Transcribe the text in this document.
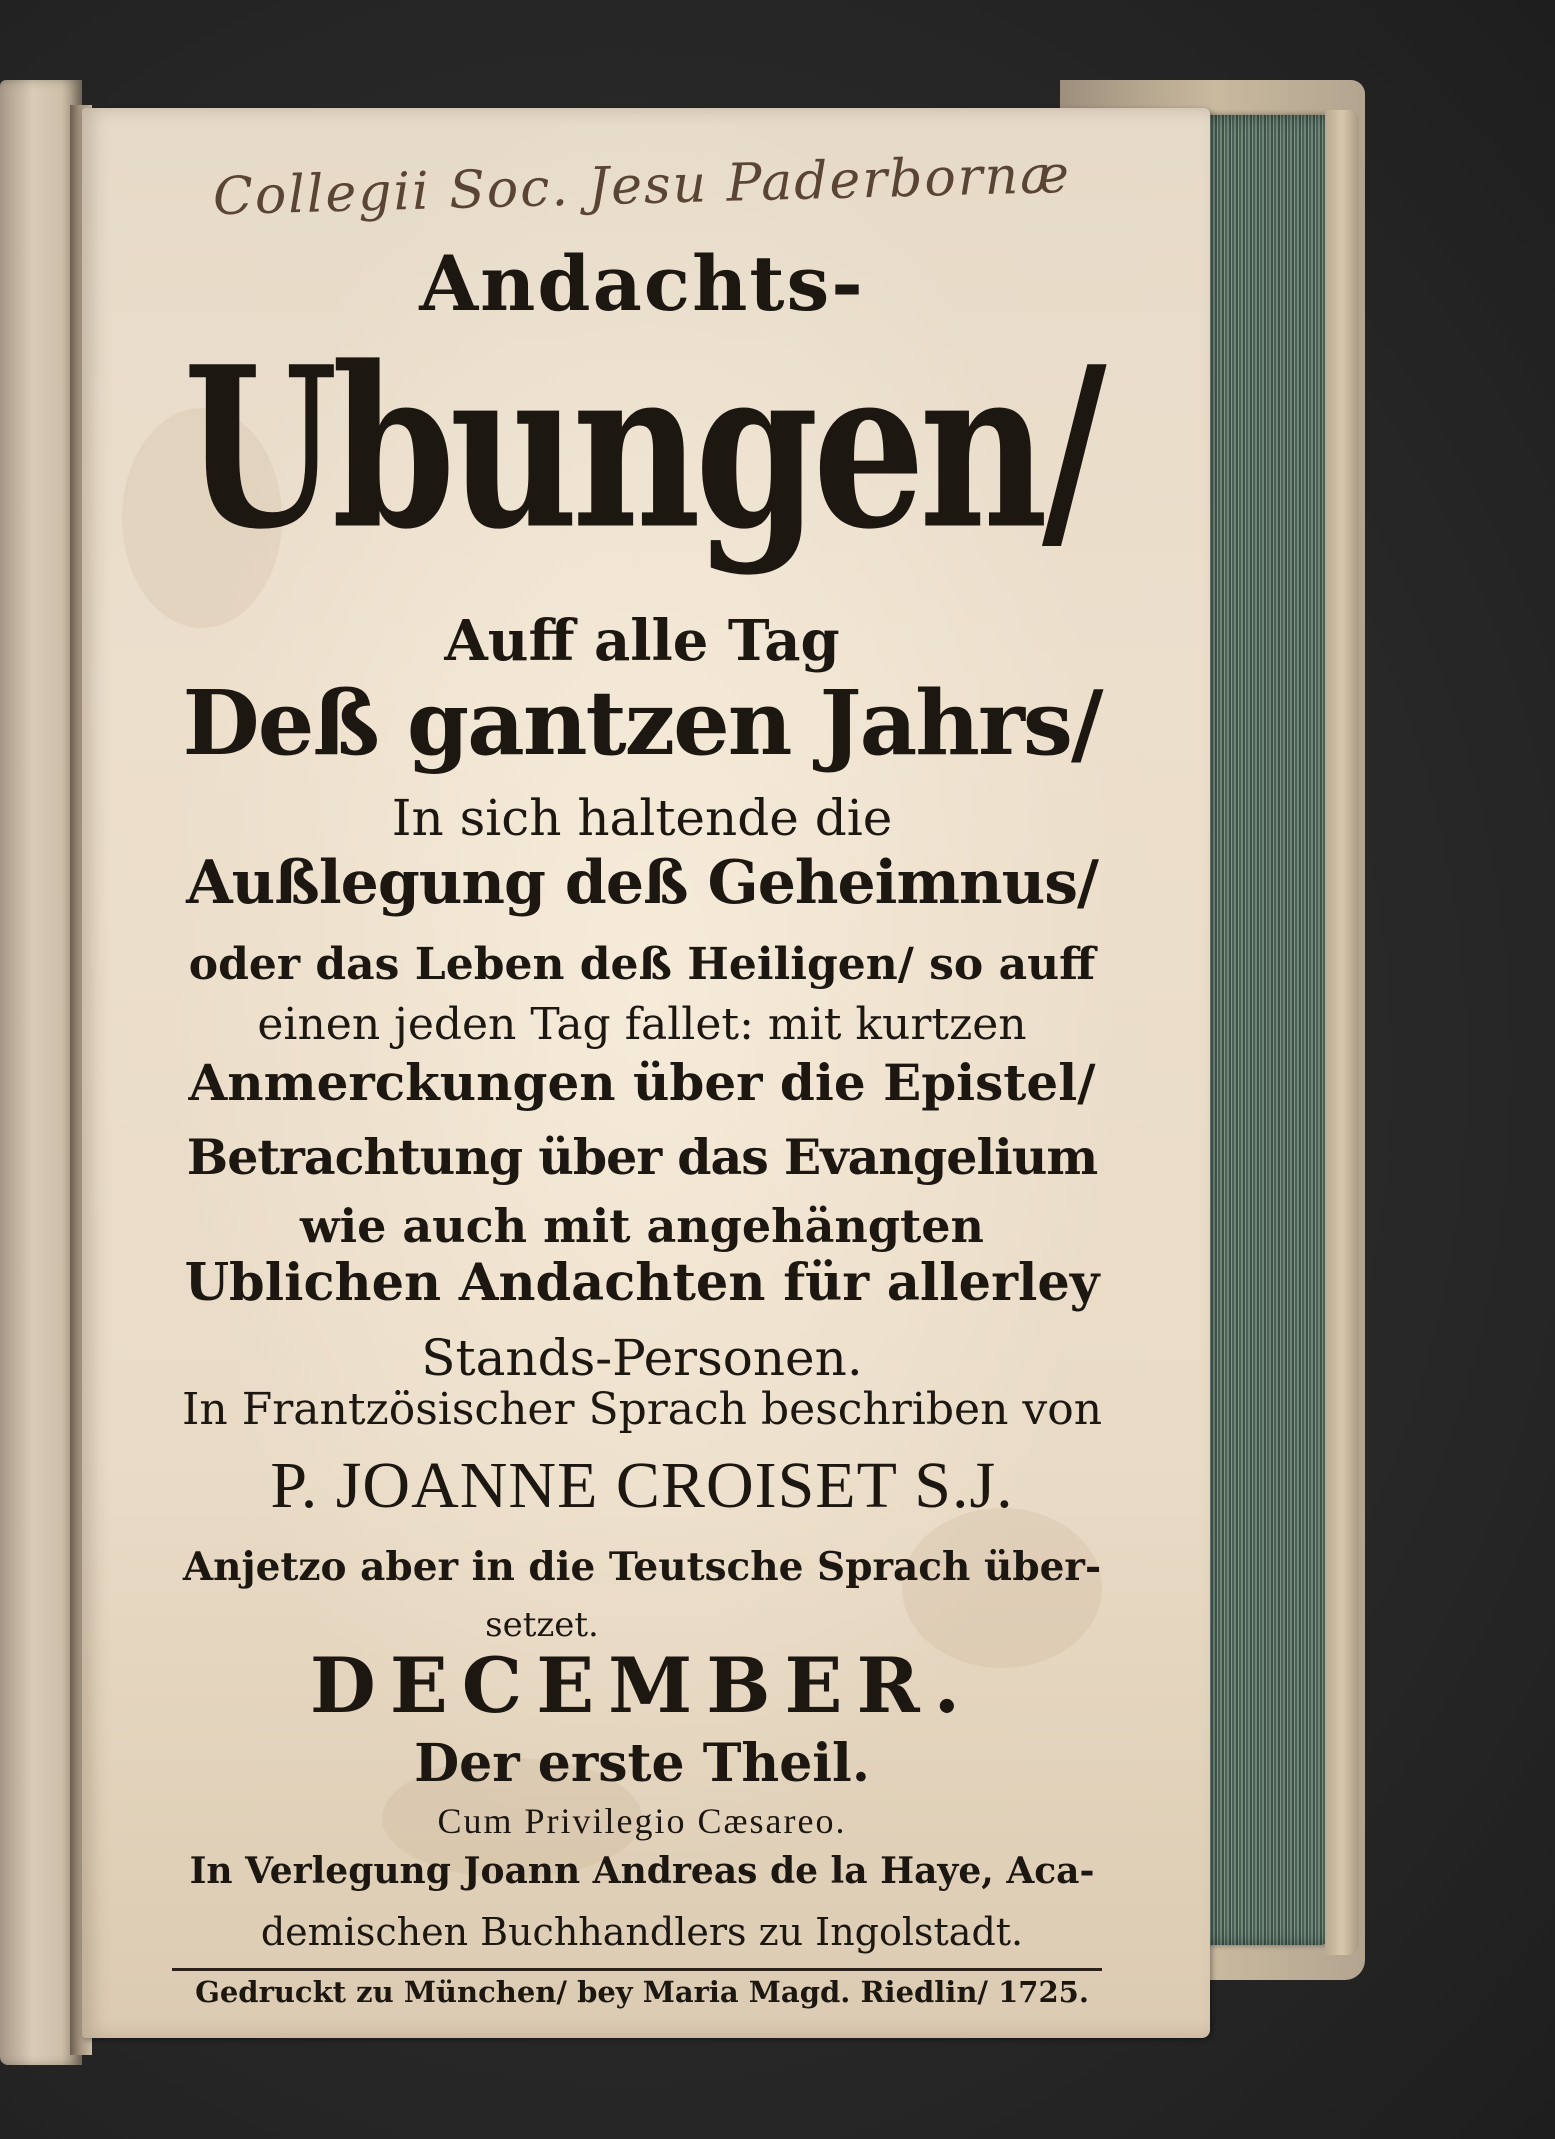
Collegii Soc. Jesu Paderbornæ
Andachts-
Ubungen/
Auff alle Tag
Deß gantzen Jahrs/
In sich haltende die
Außlegung deß Geheimnus/
oder das Leben deß Heiligen/ so auff
einen jeden Tag fallet: mit kurtzen
Anmerckungen über die Epistel/
Betrachtung über das Evangelium
wie auch mit angehängten
Ublichen Andachten für allerley
Stands-Personen.
In Frantzösischer Sprach beschriben von
P. JOANNE CROISET S.J.
Anjetzo aber in die Teutsche Sprach über-
setzet.
DECEMBER.
Der erste Theil.
Cum Privilegio Cæsareo.
In Verlegung Joann Andreas de la Haye, Aca-
demischen Buchhandlers zu Ingolstadt.
Gedruckt zu München/ bey Maria Magd. Riedlin/ 1725.
